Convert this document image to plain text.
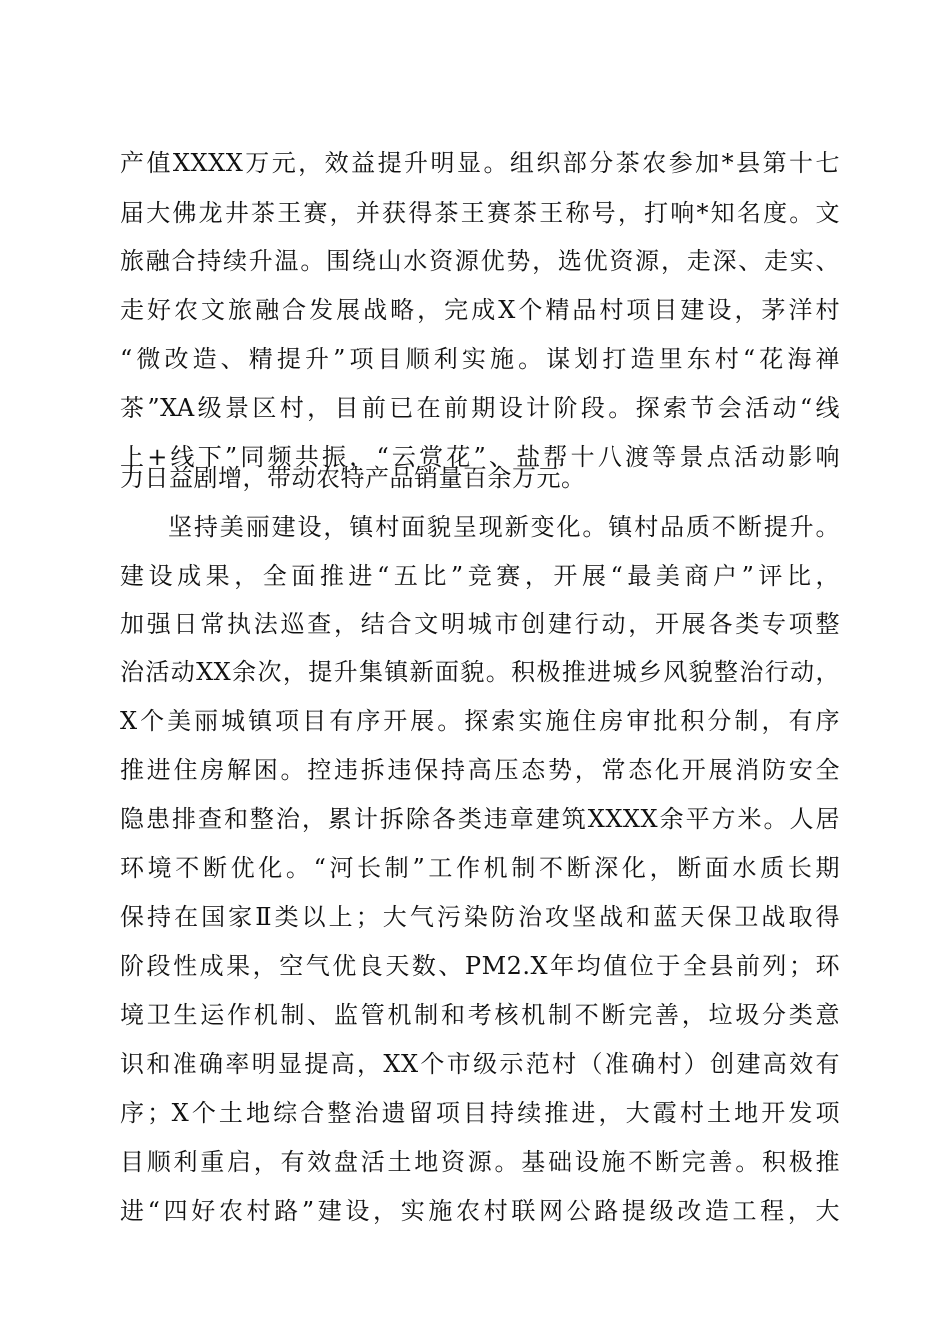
产值XXXX万元，效益提升明显。组织部分茶农参加*县第十七
届大佛龙井茶王赛，并获得茶王赛茶王称号，打响*知名度。文
旅融合持续升温。围绕山水资源优势，选优资源，走深、走实、
走好农文旅融合发展战略，完成X个精品村项目建设，茅洋村
“微改造、精提升”项目顺利实施。谋划打造里东村“花海禅
茶”XA级景区村，目前已在前期设计阶段。探索节会活动“线
上+线下”同频共振，“云赏花”、盐帮十八渡等景点活动影响
力日益剧增，带动农特产品销量百余万元。
坚持美丽建设，镇村面貌呈现新变化。镇村品质不断提升。
建设成果，全面推进“五比”竞赛，开展“最美商户”评比，
加强日常执法巡查，结合文明城市创建行动，开展各类专项整
治活动XX余次，提升集镇新面貌。积极推进城乡风貌整治行动，
X个美丽城镇项目有序开展。探索实施住房审批积分制，有序
推进住房解困。控违拆违保持高压态势，常态化开展消防安全
隐患排查和整治，累计拆除各类违章建筑XXXX余平方米。人居
环境不断优化。“河长制”工作机制不断深化，断面水质长期
保持在国家Ⅱ类以上；大气污染防治攻坚战和蓝天保卫战取得
阶段性成果，空气优良天数、PM2.X年均值位于全县前列；环
境卫生运作机制、监管机制和考核机制不断完善，垃圾分类意
识和准确率明显提高，XX个市级示范村（准确村）创建高效有
序；X个土地综合整治遗留项目持续推进，大霞村土地开发项
目顺利重启，有效盘活土地资源。基础设施不断完善。积极推
进“四好农村路”建设，实施农村联网公路提级改造工程，大
